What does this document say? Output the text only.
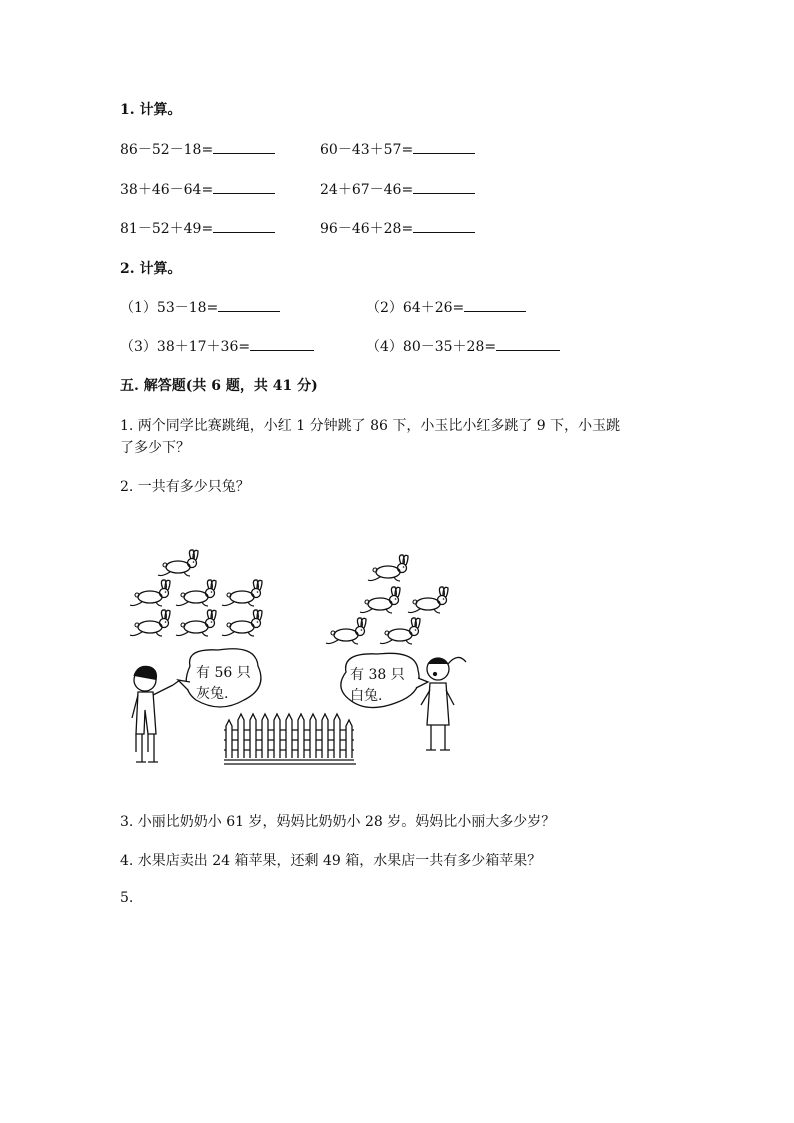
1. 计算。
86－52－18=	60－43＋57=
38＋46－64=	24＋67－46=
81－52＋49=	96－46＋28=
2. 计算。
（1）53－18=	（2）64＋26=
（3）38＋17＋36=	（4）80－35＋28=
五. 解答题(共 6 题，共 41 分)
1. 两个同学比赛跳绳，小红 1 分钟跳了 86 下，小玉比小红多跳了 9 下，小玉跳
了多少下？
2. 一共有多少只兔？
有 56 只
灰兔.
有 38 只
白兔.
3. 小丽比奶奶小 61 岁，妈妈比奶奶小 28 岁。妈妈比小丽大多少岁？
4. 水果店卖出 24 箱苹果，还剩 49 箱，水果店一共有多少箱苹果？
5.
